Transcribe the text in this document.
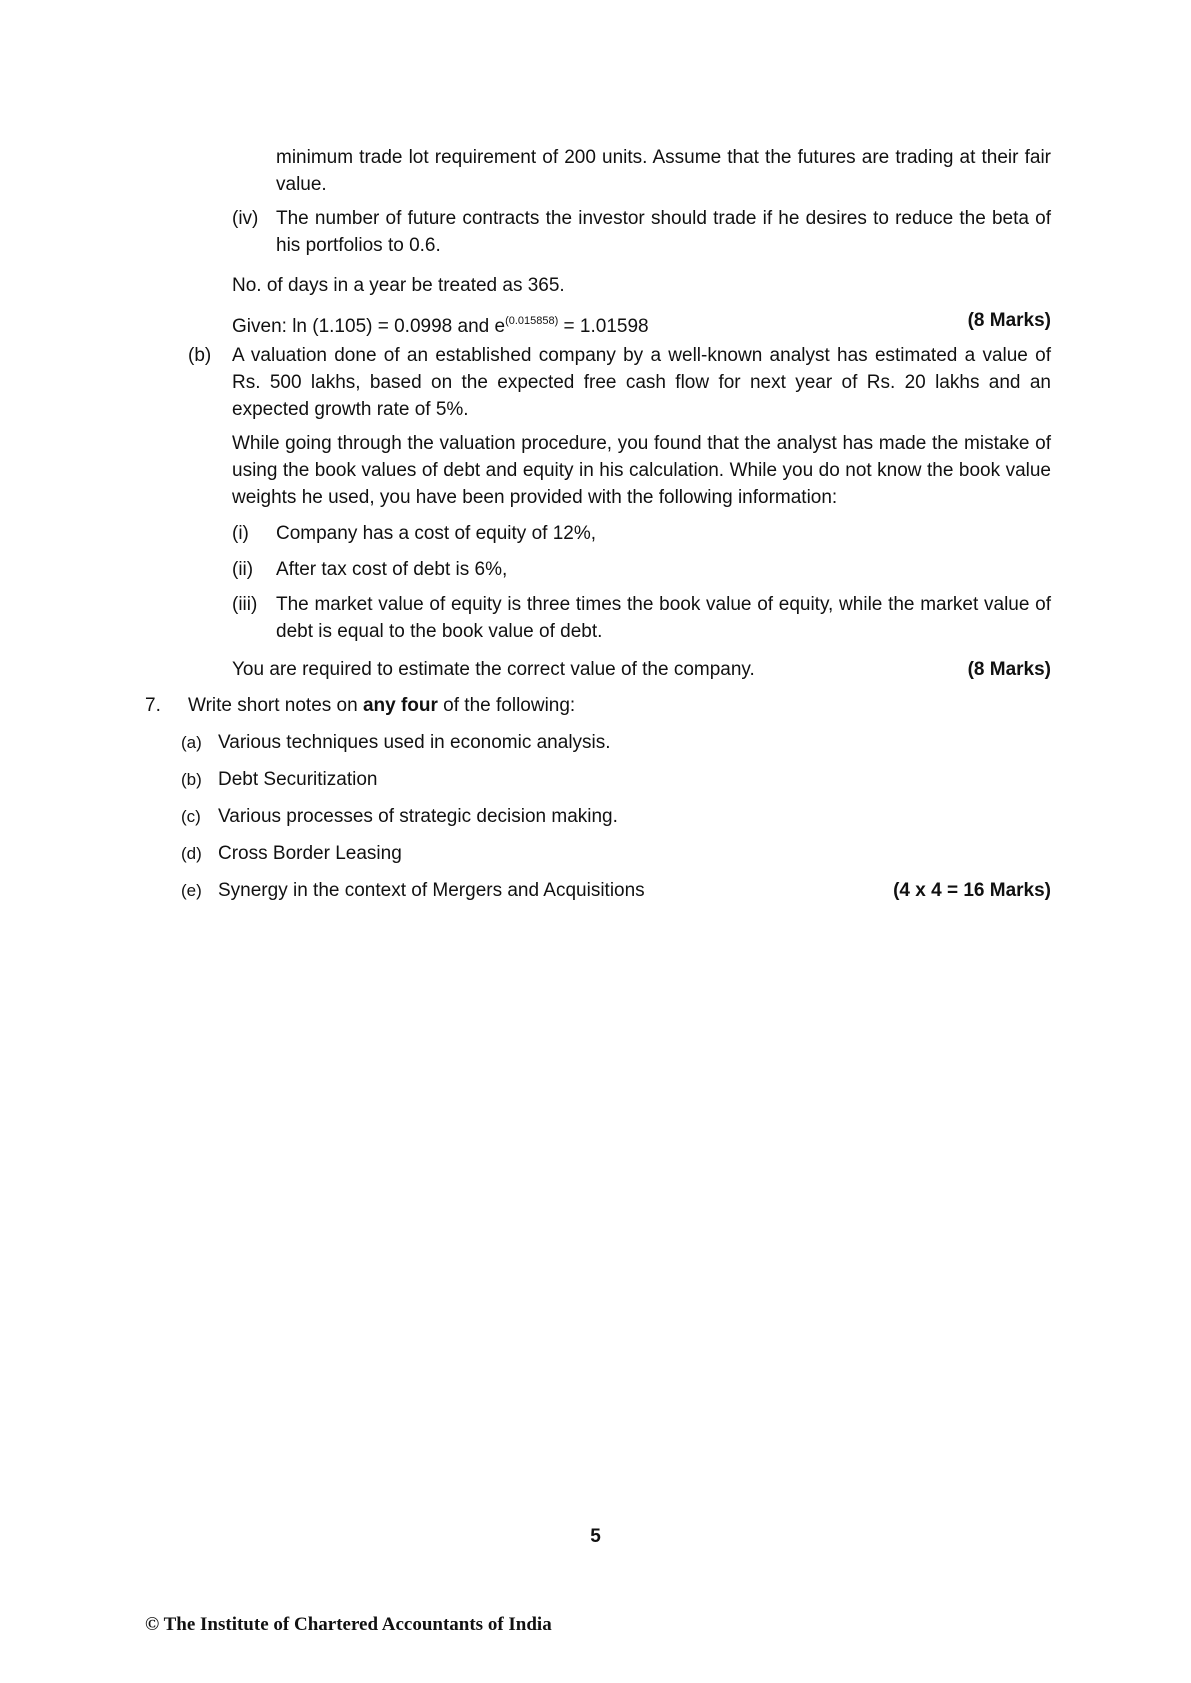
minimum trade lot requirement of 200 units. Assume that the futures are trading at their fair value.
(iv) The number of future contracts the investor should trade if he desires to reduce the beta of his portfolios to 0.6.
No. of days in a year be treated as 365.
Given: ln (1.105) = 0.0998 and $e^{(0.015858)} = 1.01598$	(8 Marks)
(b) A valuation done of an established company by a well-known analyst has estimated a value of Rs. 500 lakhs, based on the expected free cash flow for next year of Rs. 20 lakhs and an expected growth rate of 5%.
While going through the valuation procedure, you found that the analyst has made the mistake of using the book values of debt and equity in his calculation. While you do not know the book value weights he used, you have been provided with the following information:
(i) Company has a cost of equity of 12%,
(ii) After tax cost of debt is 6%,
(iii) The market value of equity is three times the book value of equity, while the market value of debt is equal to the book value of debt.
You are required to estimate the correct value of the company.	(8 Marks)
7. Write short notes on any four of the following:
(a) Various techniques used in economic analysis.
(b) Debt Securitization
(c) Various processes of strategic decision making.
(d) Cross Border Leasing
(e) Synergy in the context of Mergers and Acquisitions	(4 x 4 = 16 Marks)
5
© The Institute of Chartered Accountants of India
